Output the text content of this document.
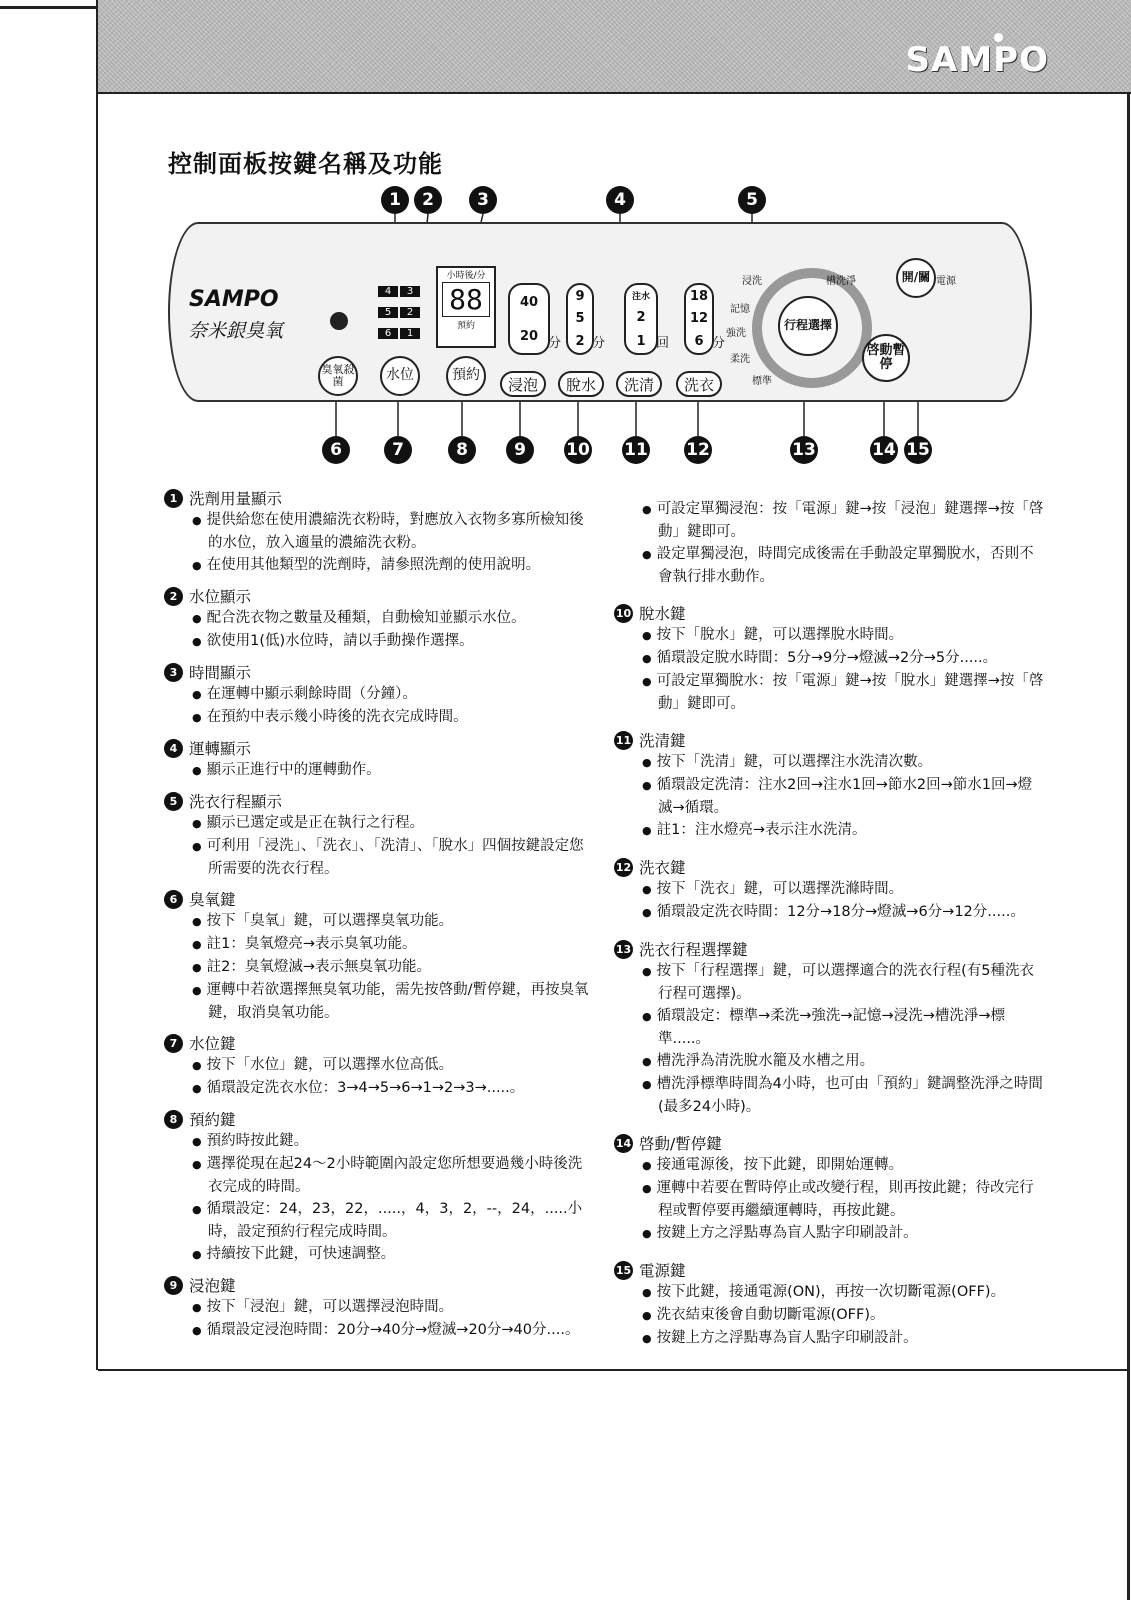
SAMPO
控制面板按鍵名稱及功能
1	2	3	4	5
6	7	8	9	10 11 12	13	14 15
SAMPO
奈米銀臭氧
4	3
5	2
6	1
小時後/分
88
預約
40
20 分
9
5
2 分
注水
2
1 回
18
12
6 分
行程選擇
浸洗	槽洗淨
記憶
強洗
柔洗
標準
開/關 電源
啓動暫停
臭氧殺菌	水位	預約
浸泡	脫水	洗清	洗衣
1 洗劑用量顯示
● 提供給您在使用濃縮洗衣粉時，對應放入衣物多寡所檢知後的水位，放入適量的濃縮洗衣粉。
● 在使用其他類型的洗劑時，請參照洗劑的使用說明。
2 水位顯示
● 配合洗衣物之數量及種類，自動檢知並顯示水位。
● 欲使用1(低)水位時，請以手動操作選擇。
3 時間顯示
● 在運轉中顯示剩餘時間（分鐘）。
● 在預約中表示幾小時後的洗衣完成時間。
4 運轉顯示
● 顯示正進行中的運轉動作。
5 洗衣行程顯示
● 顯示已選定或是正在執行之行程。
● 可利用「浸洗」、「洗衣」、「洗清」、「脫水」四個按鍵設定您所需要的洗衣行程。
6 臭氧鍵
● 按下「臭氧」鍵，可以選擇臭氧功能。
● 註1：臭氧燈亮→表示臭氧功能。
● 註2：臭氧燈滅→表示無臭氧功能。
● 運轉中若欲選擇無臭氧功能，需先按啓動/暫停鍵，再按臭氧鍵，取消臭氧功能。
7 水位鍵
● 按下「水位」鍵，可以選擇水位高低。
● 循環設定洗衣水位：3→4→5→6→1→2→3→.....。
8 預約鍵
● 預約時按此鍵。
● 選擇從現在起24～2小時範圍內設定您所想要過幾小時後洗衣完成的時間。
● 循環設定：24，23，22，.....，4，3，2，--，24，.....小時，設定預約行程完成時間。
● 持續按下此鍵，可快速調整。
9 浸泡鍵
● 按下「浸泡」鍵，可以選擇浸泡時間。
● 循環設定浸泡時間：20分→40分→燈滅→20分→40分....。
● 可設定單獨浸泡：按「電源」鍵→按「浸泡」鍵選擇→按「啓動」鍵即可。
● 設定單獨浸泡，時間完成後需在手動設定單獨脫水，否則不會執行排水動作。
10 脫水鍵
● 按下「脫水」鍵，可以選擇脫水時間。
● 循環設定脫水時間：5分→9分→燈滅→2分→5分.....。
● 可設定單獨脫水：按「電源」鍵→按「脫水」鍵選擇→按「啓動」鍵即可。
11 洗清鍵
● 按下「洗清」鍵，可以選擇注水洗清次數。
● 循環設定洗清：注水2回→注水1回→節水2回→節水1回→燈滅→循環。
● 註1：注水燈亮→表示注水洗清。
12 洗衣鍵
● 按下「洗衣」鍵，可以選擇洗滌時間。
● 循環設定洗衣時間：12分→18分→燈滅→6分→12分.....。
13 洗衣行程選擇鍵
● 按下「行程選擇」鍵，可以選擇適合的洗衣行程(有5種洗衣行程可選擇)。
● 循環設定：標準→柔洗→強洗→記憶→浸洗→槽洗淨→標準.....。
● 槽洗淨為清洗脫水籠及水槽之用。
● 槽洗淨標準時間為4小時，也可由「預約」鍵調整洗淨之時間(最多24小時)。
14 啓動/暫停鍵
● 接通電源後，按下此鍵，即開始運轉。
● 運轉中若要在暫時停止或改變行程，則再按此鍵；待改完行程或暫停要再繼續運轉時，再按此鍵。
● 按鍵上方之浮點專為盲人點字印刷設計。
15 電源鍵
● 按下此鍵，接通電源(ON)，再按一次切斷電源(OFF)。
● 洗衣結束後會自動切斷電源(OFF)。
● 按鍵上方之浮點專為盲人點字印刷設計。
